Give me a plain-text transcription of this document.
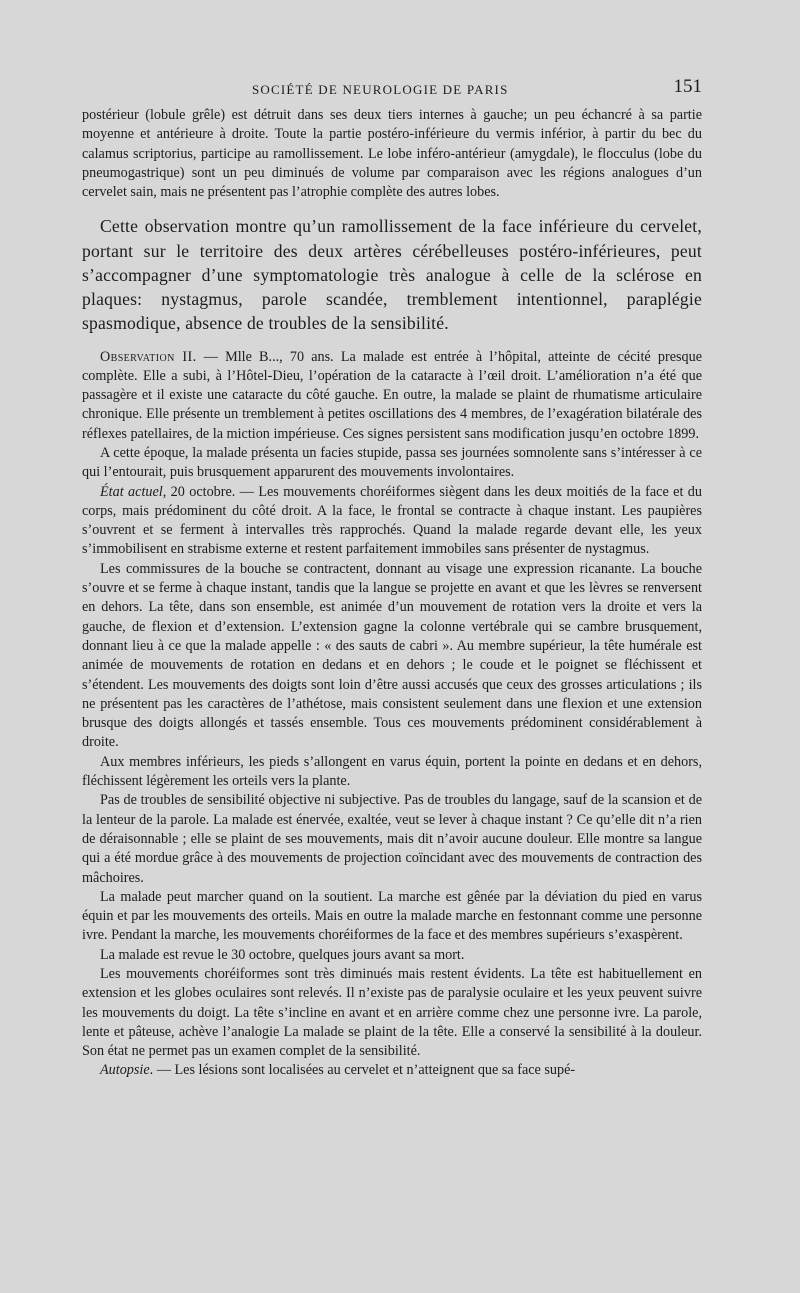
SOCIÉTÉ DE NEUROLOGIE DE PARIS	151

postérieur (lobule grêle) est détruit dans ses deux tiers internes à gauche; un peu échancré à sa partie moyenne et antérieure à droite. Toute la partie postéro-inférieure du vermis inférior, à partir du bec du calamus scriptorius, participe au ramollissement. Le lobe inféro-antérieur (amygdale), le flocculus (lobe du pneumogastrique) sont un peu diminués de volume par comparaison avec les régions analogues d’un cervelet sain, mais ne présentent pas l’atrophie complète des autres lobes.

Cette observation montre qu’un ramollissement de la face inférieure du cervelet, portant sur le territoire des deux artères cérébelleuses postéro-inférieures, peut s’accompagner d’une symptomatologie très analogue à celle de la sclérose en plaques: nystagmus, parole scandée, tremblement intentionnel, paraplégie spasmodique, absence de troubles de la sensibilité.

Observation II. — Mlle B..., 70 ans. La malade est entrée à l’hôpital, atteinte de cécité presque complète. Elle a subi, à l’Hôtel-Dieu, l’opération de la cataracte à l’œil droit. L’amélioration n’a été que passagère et il existe une cataracte du côté gauche. En outre, la malade se plaint de rhumatisme articulaire chronique. Elle présente un tremblement à petites oscillations des 4 membres, de l’exagération bilatérale des réflexes patellaires, de la miction impérieuse. Ces signes persistent sans modification jusqu’en octobre 1899.

A cette époque, la malade présenta un facies stupide, passa ses journées somnolente sans s’intéresser à ce qui l’entourait, puis brusquement apparurent des mouvements involontaires.

État actuel, 20 octobre. — Les mouvements choréiformes siègent dans les deux moitiés de la face et du corps, mais prédominent du côté droit. A la face, le frontal se contracte à chaque instant. Les paupières s’ouvrent et se ferment à intervalles très rapprochés. Quand la malade regarde devant elle, les yeux s’immobilisent en strabisme externe et restent parfaitement immobiles sans présenter de nystagmus.

Les commissures de la bouche se contractent, donnant au visage une expression ricanante. La bouche s’ouvre et se ferme à chaque instant, tandis que la langue se projette en avant et que les lèvres se renversent en dehors. La tête, dans son ensemble, est animée d’un mouvement de rotation vers la droite et vers la gauche, de flexion et d’extension. L’extension gagne la colonne vertébrale qui se cambre brusquement, donnant lieu à ce que la malade appelle : « des sauts de cabri ». Au membre supérieur, la tête humérale est animée de mouvements de rotation en dedans et en dehors ; le coude et le poignet se fléchissent et s’étendent. Les mouvements des doigts sont loin d’être aussi accusés que ceux des grosses articulations ; ils ne présentent pas les caractères de l’athétose, mais consistent seulement dans une flexion et une extension brusque des doigts allongés et tassés ensemble. Tous ces mouvements prédominent considérablement à droite.

Aux membres inférieurs, les pieds s’allongent en varus équin, portent la pointe en dedans et en dehors, fléchissent légèrement les orteils vers la plante.

Pas de troubles de sensibilité objective ni subjective. Pas de troubles du langage, sauf de la scansion et de la lenteur de la parole. La malade est énervée, exaltée, veut se lever à chaque instant ? Ce qu’elle dit n’a rien de déraisonnable ; elle se plaint de ses mouvements, mais dit n’avoir aucune douleur. Elle montre sa langue qui a été mordue grâce à des mouvements de projection coïncidant avec des mouvements de contraction des mâchoires.

La malade peut marcher quand on la soutient. La marche est gênée par la déviation du pied en varus équin et par les mouvements des orteils. Mais en outre la malade marche en festonnant comme une personne ivre. Pendant la marche, les mouvements choréiformes de la face et des membres supérieurs s’exaspèrent.

La malade est revue le 30 octobre, quelques jours avant sa mort.

Les mouvements choréiformes sont très diminués mais restent évidents. La tête est habituellement en extension et les globes oculaires sont relevés. Il n’existe pas de paralysie oculaire et les yeux peuvent suivre les mouvements du doigt. La tête s’incline en avant et en arrière comme chez une personne ivre. La parole, lente et pâteuse, achève l’analogie La malade se plaint de la tête. Elle a conservé la sensibilité à la douleur. Son état ne permet pas un examen complet de la sensibilité.

Autopsie. — Les lésions sont localisées au cervelet et n’atteignent que sa face supé-
